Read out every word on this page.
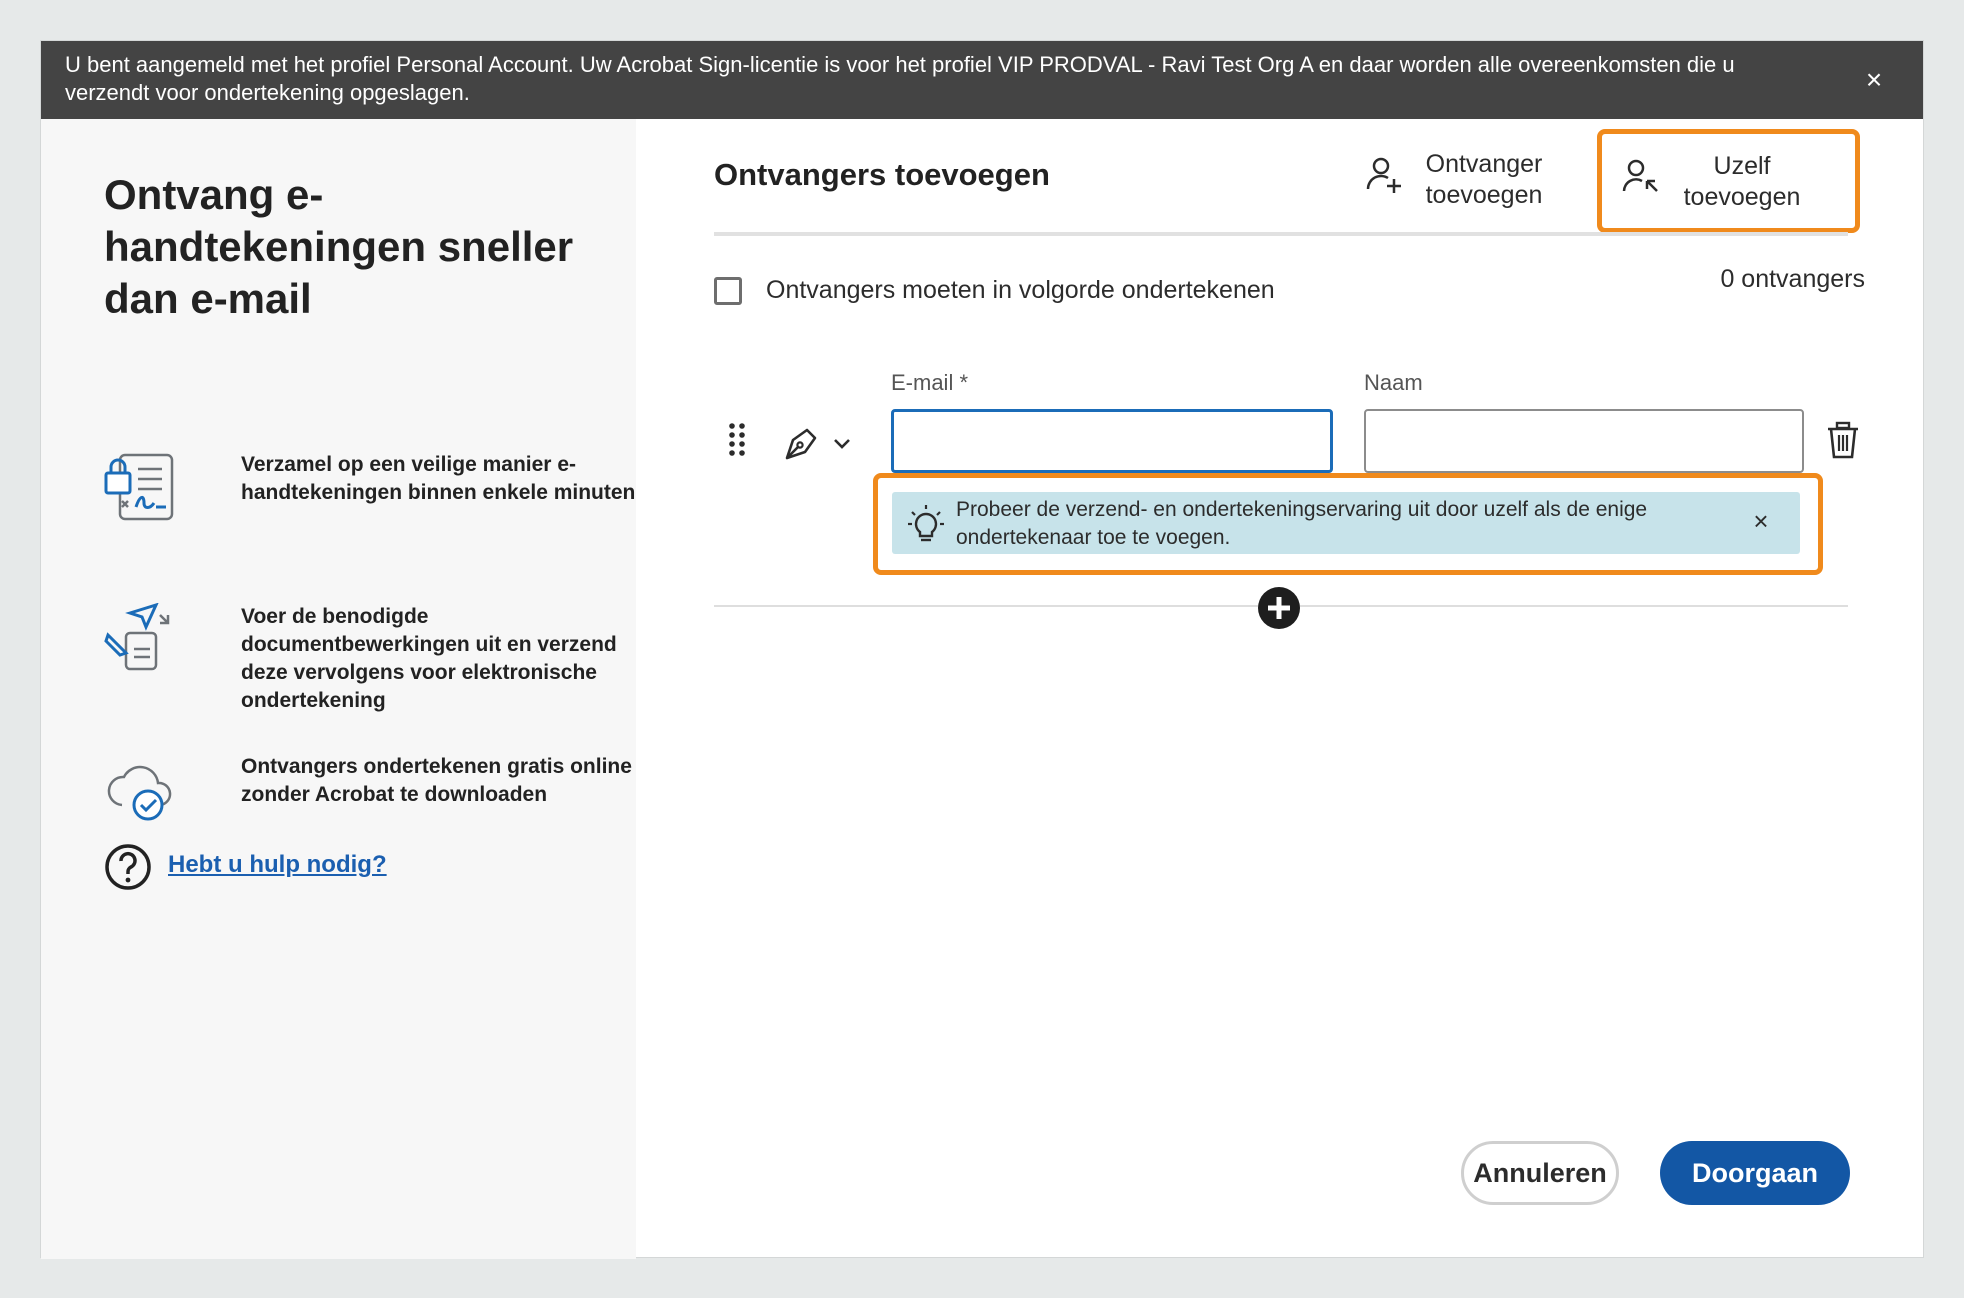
U bent aangemeld met het profiel Personal Account. Uw Acrobat Sign-licentie is voor het profiel VIP PRODVAL - Ravi Test Org A en daar worden alle overeenkomsten die u verzendt voor ondertekening opgeslagen.	×
Ontvang e-handtekeningen sneller dan e-mail
Verzamel op een veilige manier e-handtekeningen binnen enkele minuten
Voer de benodigde documentbewerkingen uit en verzend deze vervolgens voor elektronische ondertekening
Ontvangers ondertekenen gratis online zonder Acrobat te downloaden
Hebt u hulp nodig?
Ontvangers toevoegen	Ontvanger
toevoegen
Uzelf
toevoegen
Ontvangers moeten in volgorde ondertekenen	0 ontvangers
E-mail *	Naam
Probeer de verzend- en ondertekeningservaring uit door uzelf als de enige ondertekenaar toe te voegen.
×
Annuleren	Doorgaan
